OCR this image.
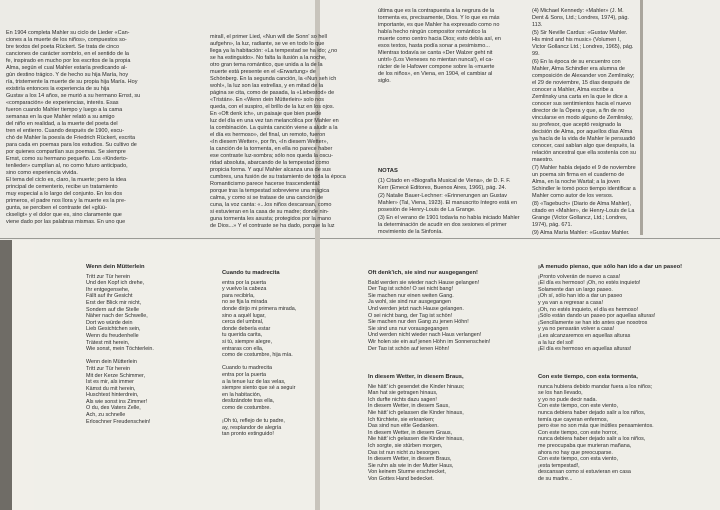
En 1904 completa Mahler su ciclo de Lieder «Can-

ciones a la muerte de los niños», compuestos so-

bre textos del poeta Rückert. Se trata de cinco

canciones de carácter sombrío, en el sentido de la

fe, inspirado en mucho por los escritos de la propia

Alma, según el cual Mahler estaría predicando al-

gún destino trágico. Y de hecho su hija María, hoy

ría, tristemente la muerte de su propia hija María. Hoy

existiría entonces la experiencia de su hija

Gustav a los 14 años, se murió a su hermano Ernst, su

«comparación» de experiencias, interés. Esas

fueron cuando Mahler tiempo y luego a la cama

semanas en la que Mahler relató a su amigo

del niño en realidad, a la muerte del poeta del

tren el entierro. Cuando después de 1900, escu-

chó de Mahler la poesía de Friedrich Rückert, escrita

para cada en poemas para los estudios. Su cultivo de

por quienes compartían sus poemas. Se siempre

Ernst, como su hermano pequeño. Los «Kinderto-

tenlieder» cumplían al, no como futuro anticipado,

sino como experiencia vivida.

El tema del ciclo es, claro, la muerte; pero la idea

principal de cementerio, recibe un tratamiento

muy especial a lo largo del conjunto. En los dos

primeros, el padre nos llora y la muerte es la pre-

gunta, se perciben el contraste del «glüü-

ckseligt» y el dolor que es, sino claramente que

viene dado por las palabras mismas. En uno que

miraIl, el primer Lied, «Nun will die Sonn' so hell

aufgehn», la luz, radiante, se ve en todo lo que

llega ya la habitación: «La tempestad se ha ido; ¿no

se ha estinguido». No falta la ilusión a la noche,

otro gran tema romántico, que unida a la de la

muerte está presente en el «Erwartung» de

Schönberg. En la segunda canción, la «Nun seh ich

wohl», la luz son las estrellas, y en mitad de la

página se cita, como de pasada, la «Liebestod» de

«Tristán». En «Wenn dein Mütterlein» solo nos

queda, con el suspiro, el brillo de la luz en los ojos.

En «Oft denk ich», un paisaje que bien puede

luz del día en una vez tan melancólica por Mahler en

la combinación. La quinta canción viene a aludir a la

el día es hermoso», del final, un remoto, fueron

«In diesem Wetter», por fin, «In diesem Wetter»,

la canción de la tormenta, en ella no parece haber

ese contraste luz-sombra; sólo nos queda la oscu-

ridad absoluta, abarcando de la tempestad como

propicia forma. Y aquí Mahler alcanza una de sus

cumbres, una fusión de su tratamiento de toda la época

Romanticismo parece hacerse trascendental:

porque tras la tempestad sobreviene una mágica

calma, y como si se tratase de una canción de

cuna, la voz canta: «...los niños descansan, como

si estuvieran en la casa de su madre; donde nin-

guna tormenta les asusta; protegidos por la mano

de Dios...» Y el contraste se ha dado, porque la luz

última que es la contrapuesta a la negrura de la

tormenta es, precisamente, Dios. Y lo que es más

importante, es que Mahler ha expresado como no

había hecho ningún compositor romántico la

muerte como centro hacia Dios; esto debía así, en

esos textos, hasta podía sonar a pesimismo...

Mientras todavía se canta «Der Walzer geht nit

untrl» (Los Vieneses no mientan nunca!), el ca-

rácter de le Hafower compone sobre la «muerte

de los niños», en Viena, en 1904, el cambiar al

siglo.

NOTAS

(1) Citado en «Biografía Musical de Viena», de D. F. F. Kerr (Emecé Editores, Buenos Aires, 1966), pág. 24.

(2) Natalie Bauer-Lechner: «Erinnerungen an Gustav Mahler» (Tal, Viena, 1923). El manuscrito íntegro está en posesión de Henry-Louis de La Grange.

(3) En el verano de 1901 todavía no había iniciado Mahler la determinación de acudir en dos sesiones el primer movimiento de la Sinfonía.

(4) Michael Kennedy: «Mahler» (J. M. Dent & Sons, Ltd.; Londres, 1974), pág. 113.

(5) Sir Neville Cardus: «Gustav Mahler. His mind and his music» (Volumen I, Victor Gollancz Ltd.; Londres, 1965), pág. 99.

(6) En la época de su encuentro con Mahler, Alma Schindler era alumna de composición de Alexander von Zemlinsky; el 29 de noviembre, 15 días después de conocer a Mahler, Alma escribe a Zemlinsky una carta en la que le dice a conocer sus sentimientos hacia el nuevo director de la Ópera y que, a fin de no vincularse en modo alguno de Zemlinsky, su profesor, que aceptó resignado la decisión de Alma, por aquellos días Alma ya hacía de la vida de Mahler le persuadió conocer, casi sabían algo que después, la relación ancestral que ella sostenía con su maestro.

(7) Mahler había dejado el 9 de noviembre un poema sin firma en el cuaderno de Alma, en la noche Wartal; a la joven Schindler le tomó poco tiempo identificar a Mahler como autor de los versos.

(8) «Tagebuch» (Diario de Alma Mahler), citado en «Mahler», de Henry-Louis de La Grange (Victor Gollancz, Ltd.; Londres, 1974), pág. 671.

(9) Alma María Mahler: «Gustav Mahler.

Wenn dein Mütterlein

Tritt zur Tür herein

Und den Kopf ich drehe,

Ihr entgegensehe,

Fällt auf ihr Gesicht

Erst der Blick mir nicht,

Sondern auf die Stelle

Näher nach der Schwelle,

Dort wo würde dein

Lieb Gesichtchen sein,

Wenn du freudenhelle

Trätest mit herein,

Wie sonst, mein Töchterlein.

Wenn dein Mütterlein

Tritt zur Tür herein

Mit der Kerze Schimmer,

Ist es mir, als immer

Kämst du mit herein,

Huschtest hinterdrein,

Als wie sonst ins Zimmer!

O du, des Vaters Zelle,

Ach, zu schnelle

Erloschner Freudenschein!

Cuando tu madrecita

entra por la puerta

y vuelvo la cabeza

para recibirla,

no se fija la mirada

donde dirijo mi primera mirada,

sino a aquél lugar,

cerca del umbral,

donde debería estar

tu querida carita,

si tú, siempre alegre,

entraras con ella,

como de costumbre, hija mía.

Cuando tu madrecita

entra por la puerta

a la tenue luz de las velas,

siempre siento que sé a seguir

en la habitación,

deslizándote tras ella,

como de costumbre.

¡Oh tú, reflejo de tu padre,

ay, resplandor de alegría

tan pronto extinguido!

Oft denk'ich, sie sind nur ausgegangen!

Bald werden sie wieder nach Hause gelangen!

Der Tag ist schön! O sei nicht bang!

Sie machen nur einen weiten Gang.

Ja wohl, sie sind nur ausgegangen

Und werden jetzt nach Hause gelangen.

O sei nicht bang, der Tag ist schön!

Sie machen nur den Gang zu jenen Höhn!

Sie sind uns nur vorausgegangen

Und werden nicht wieder nach Haus verlangen!

Wir holen sie ein auf jenen Höhn im Sonnenschein!

Der Tag ist schön auf jenen Höhn!

In diesem Wetter, in diesem Braus,

Nie hätt' ich gesendet die Kinder hinaus;

Man hat sie getragen hinaus,

Ich durfte nichts dazu sagen!

In diesem Wetter, in diesem Saus,

Nie hätt' ich gelassen die Kinder hinaus,

Ich fürchtete, sie erkranken;

Das sind nun eitle Gedanken.

In diesem Wetter, in diesem Graus,

Nie hätt' ich gelassen die Kinder hinaus,

Ich sorgte, sie stürben morgen,

Das ist nun nicht zu besorgen.

In diesem Wetter, in diesem Braus,

Sie ruhn als wie in der Mutter Haus,

Von keinem Sturme erschrecket,

Von Gottes Hand bedecket.

¡A menudo pienso, que sólo han ido a dar un paseo!

¡Pronto volverán de nuevo a casa!

¡El día es hermoso! ¡Oh, no estés inquieto!

Solamente dan un largo paseo.

¡Oh sí, sólo han ido a dar un paseo

y ya van a regresar a casa!

¡Oh, no estés inquieto, el día es hermoso!

¡Sólo están dando un paseo por aquellas alturas!

¡Sencillamente se han ido antes que nosotros

y ya no pensarán volver a casa!

¡Les alcanzaremos en aquellas alturas

a la luz del sol!

¡El día es hermoso en aquellas alturas!

Con este tiempo, con esta tormenta,

nunca hubiera debido mandar fuera a los niños;

se los han llevado,

y yo no pude decir nada.

Con este tiempo, con este viento,

nunca debiera haber dejado salir a los niños,

temía que cayeran enfermos,

pero ése no son más que inútiles pensamientos.

Con este tiempo, con este horror,

nunca debiera haber dejado salir a los niños,

me preocupaba que murieran mañana,

ahora no hay que preocuparse.

Con este tiempo, con esta viento,

¡esta tempestad!,

descansan como si estuvieran en casa

de su madre...
